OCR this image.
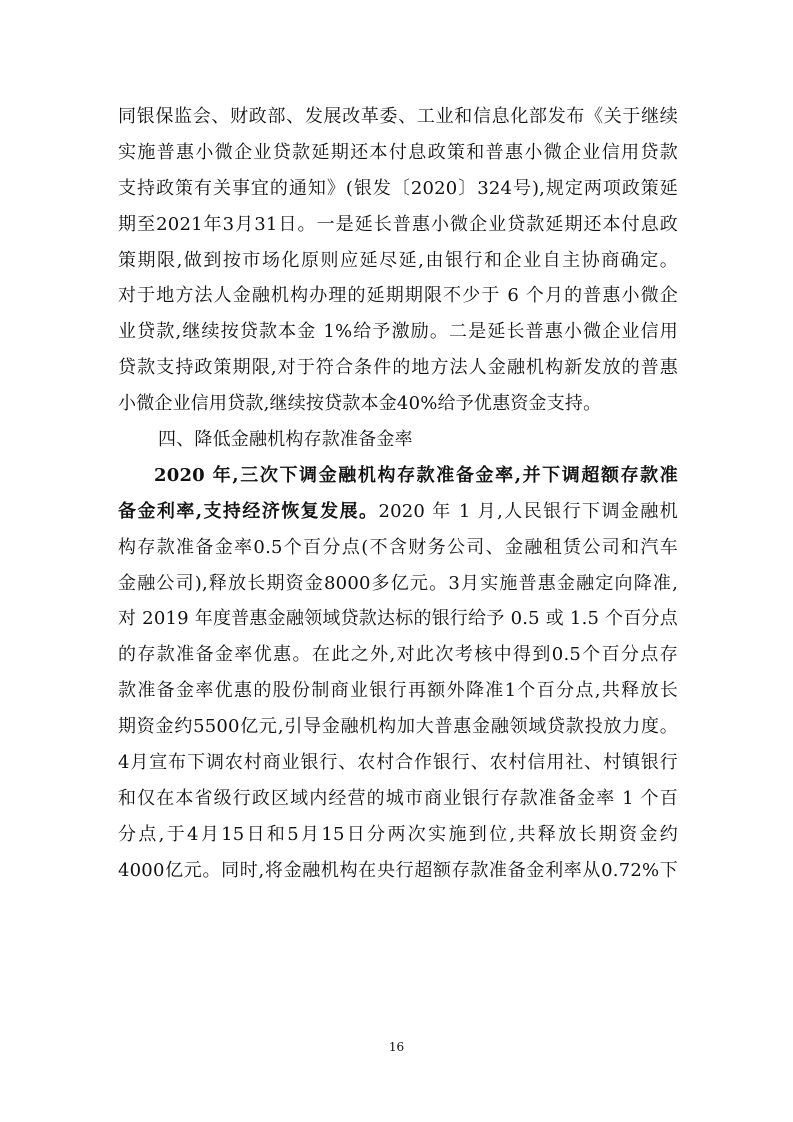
同银保监会、财政部、发展改革委、工业和信息化部发布《关于继续
实施普惠小微企业贷款延期还本付息政策和普惠小微企业信用贷款
支持政策有关事宜的通知》(银发〔2020〕324号),规定两项政策延
期至2021年3月31日。一是延长普惠小微企业贷款延期还本付息政
策期限,做到按市场化原则应延尽延,由银行和企业自主协商确定。
对于地方法人金融机构办理的延期期限不少于 6 个月的普惠小微企
业贷款,继续按贷款本金 1%给予激励。二是延长普惠小微企业信用
贷款支持政策期限,对于符合条件的地方法人金融机构新发放的普惠
小微企业信用贷款,继续按贷款本金40%给予优惠资金支持。
四、降低金融机构存款准备金率
2020 年,三次下调金融机构存款准备金率,并下调超额存款准
备金利率,支持经济恢复发展。2020 年 1 月,人民银行下调金融机
构存款准备金率0.5个百分点(不含财务公司、金融租赁公司和汽车
金融公司),释放长期资金8000多亿元。3月实施普惠金融定向降准,
对 2019 年度普惠金融领域贷款达标的银行给予 0.5 或 1.5 个百分点
的存款准备金率优惠。在此之外,对此次考核中得到0.5个百分点存
款准备金率优惠的股份制商业银行再额外降准1个百分点,共释放长
期资金约5500亿元,引导金融机构加大普惠金融领域贷款投放力度。
4月宣布下调农村商业银行、农村合作银行、农村信用社、村镇银行
和仅在本省级行政区域内经营的城市商业银行存款准备金率 1 个百
分点,于4月15日和5月15日分两次实施到位,共释放长期资金约
4000亿元。同时,将金融机构在央行超额存款准备金利率从0.72%下
16
